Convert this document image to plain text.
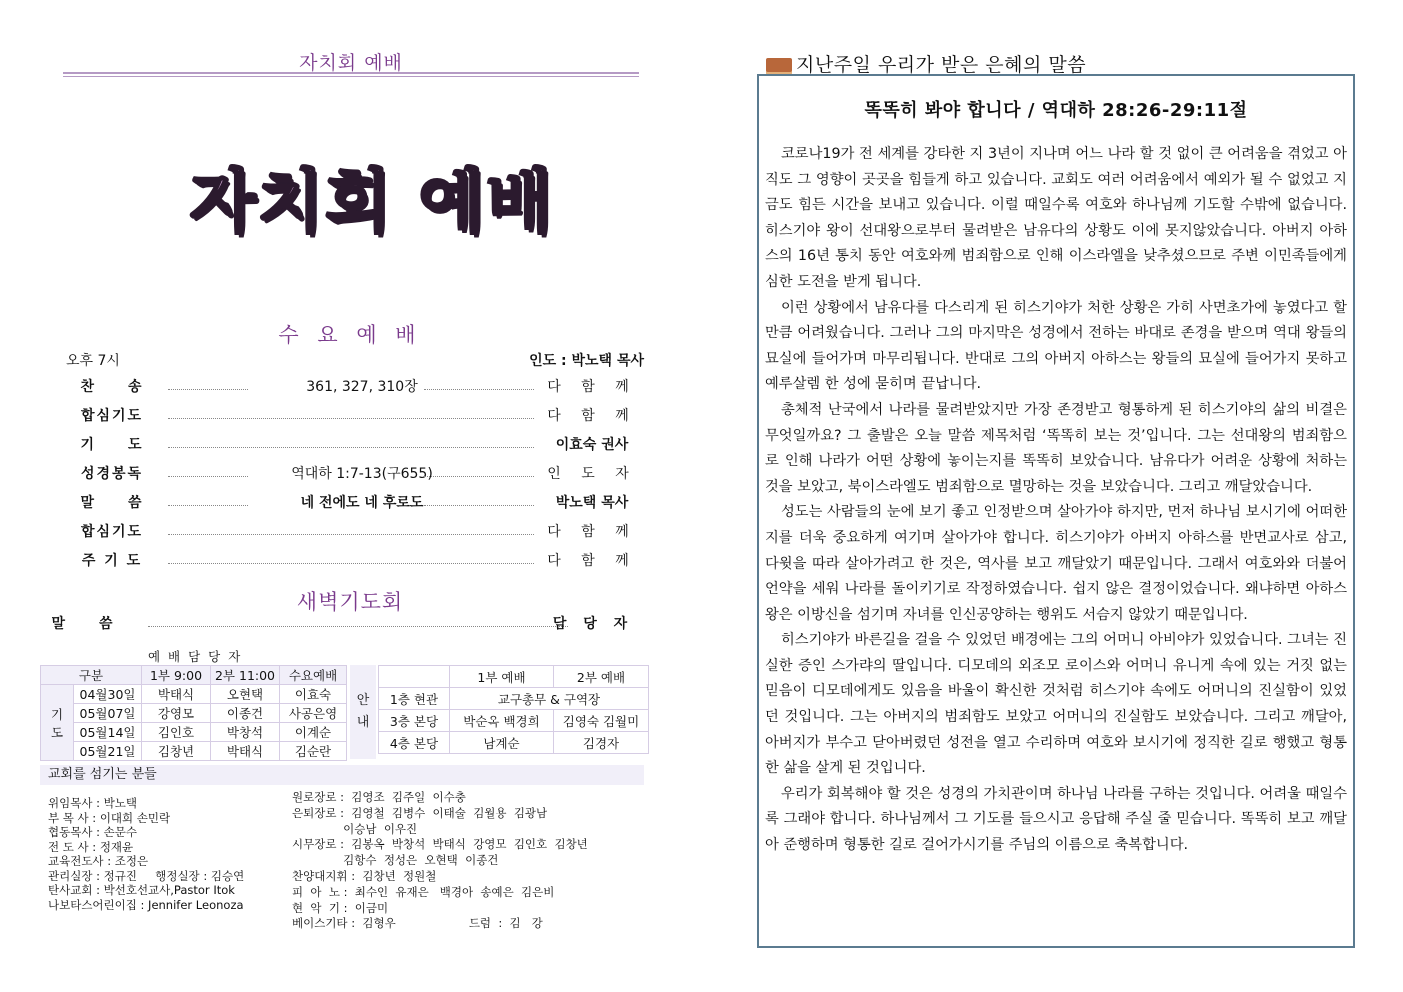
자치회 예배
자치회 예배
수 요 예 배
오후 7시	인도 : 박노택 목사
찬　　송	361, 327, 310장	다 함 께
합심기도	다 함 께
기　　도	이효숙 권사
성경봉독	역대하 1:7-13(구655)	인 도 자
말　　씀	네 전에도 네 후로도	박노택 목사
합심기도	다 함 께
주 기 도	다 함 께
새벽기도회
말　　씀	담 당 자
예 배 담 당 자
구분		1부 9:00	2부 11:00	수요예배
기
도	04월30일	박태식	오현택	이효숙
	05월07일	강영모	이종건	사공은영
	05월14일	김인호	박창석	이계순
	05월21일	김창년	박태식	김순란
안
내
	1부 예배	2부 예배
1층 현관	교구총무 & 구역장	
3층 본당	박순옥 백경희	김영숙 김월미
4층 본당	남계순	김경자
교회를 섬기는 분들
위임목사 : 박노택
부 목 사 : 이대희 손민락
협동목사 : 손문수
전 도 사 : 정재윤
교육전도사 : 조정은
관리실장 : 정규진     행정실장 : 김승연
탄사교회 : 박선호선교사,Pastor Itok
나보타스어린이집 : Jennifer Leonoza
원로장로 :  김영조  김주일  이수충
은퇴장로 :  김영철  김병수  이태술  김월용  김광남
이승남  이우진
시무장로 :  김봉옥  박창석  박태식  강영모  김인호  김창년
김항수  정성은  오현택  이종건
찬양대지휘 :  김창년  정원철
피  아  노 :  최수인  유재은   백경아  송예은  김은비
현  악  기 :  이금미
베이스기타 :  김형우                    드럼  :  김   강
지난주일 우리가 받은 은혜의 말씀
똑똑히 봐야 합니다 / 역대하 28:26-29:11절

코로나19가 전 세계를 강타한 지 3년이 지나며 어느 나라 할 것 없이 큰 어려움을 겪었고 아직도 그 영향이 곳곳을 힘들게 하고 있습니다. 교회도 여러 어려움에서 예외가 될 수 없었고 지금도 힘든 시간을 보내고 있습니다. 이럴 때일수록 여호와 하나님께 기도할 수밖에 없습니다. 히스기야 왕이 선대왕으로부터 물려받은 남유다의 상황도 이에 못지않았습니다. 아버지 아하스의 16년 통치 동안 여호와께 범죄함으로 인해 이스라엘을 낮추셨으므로 주변 이민족들에게 심한 도전을 받게 됩니다.

이런 상황에서 남유다를 다스리게 된 히스기야가 처한 상황은 가히 사면초가에 놓였다고 할 만큼 어려웠습니다. 그러나 그의 마지막은 성경에서 전하는 바대로 존경을 받으며 역대 왕들의 묘실에 들어가며 마무리됩니다. 반대로 그의 아버지 아하스는 왕들의 묘실에 들어가지 못하고 예루살렘 한 성에 묻히며 끝납니다.

총체적 난국에서 나라를 물려받았지만 가장 존경받고 형통하게 된 히스기야의 삶의 비결은 무엇일까요? 그 출발은 오늘 말씀 제목처럼 ‘똑똑히 보는 것’입니다. 그는 선대왕의 범죄함으로 인해 나라가 어떤 상황에 놓이는지를 똑똑히 보았습니다. 남유다가 어려운 상황에 처하는 것을 보았고, 북이스라엘도 범죄함으로 멸망하는 것을 보았습니다. 그리고 깨달았습니다.

성도는 사람들의 눈에 보기 좋고 인정받으며 살아가야 하지만, 먼저 하나님 보시기에 어떠한지를 더욱 중요하게 여기며 살아가야 합니다. 히스기야가 아버지 아하스를 반면교사로 삼고, 다윗을 따라 살아가려고 한 것은, 역사를 보고 깨달았기 때문입니다. 그래서 여호와와 더불어 언약을 세워 나라를 돌이키기로 작정하였습니다. 쉽지 않은 결정이었습니다. 왜냐하면 아하스 왕은 이방신을 섬기며 자녀를 인신공양하는 행위도 서슴지 않았기 때문입니다.

히스기야가 바른길을 걸을 수 있었던 배경에는 그의 어머니 아비야가 있었습니다. 그녀는 진실한 증인 스가랴의 딸입니다. 디모데의 외조모 로이스와 어머니 유니게 속에 있는 거짓 없는 믿음이 디모데에게도 있음을 바울이 확신한 것처럼 히스기야 속에도 어머니의 진실함이 있었던 것입니다. 그는 아버지의 범죄함도 보았고 어머니의 진실함도 보았습니다. 그리고 깨달아, 아버지가 부수고 닫아버렸던 성전을 열고 수리하며 여호와 보시기에 정직한 길로 행했고 형통한 삶을 살게 된 것입니다.

우리가 회복해야 할 것은 성경의 가치관이며 하나님 나라를 구하는 것입니다. 어려울 때일수록 그래야 합니다. 하나님께서 그 기도를 들으시고 응답해 주실 줄 믿습니다. 똑똑히 보고 깨달아 준행하며 형통한 길로 걸어가시기를 주님의 이름으로 축복합니다.
